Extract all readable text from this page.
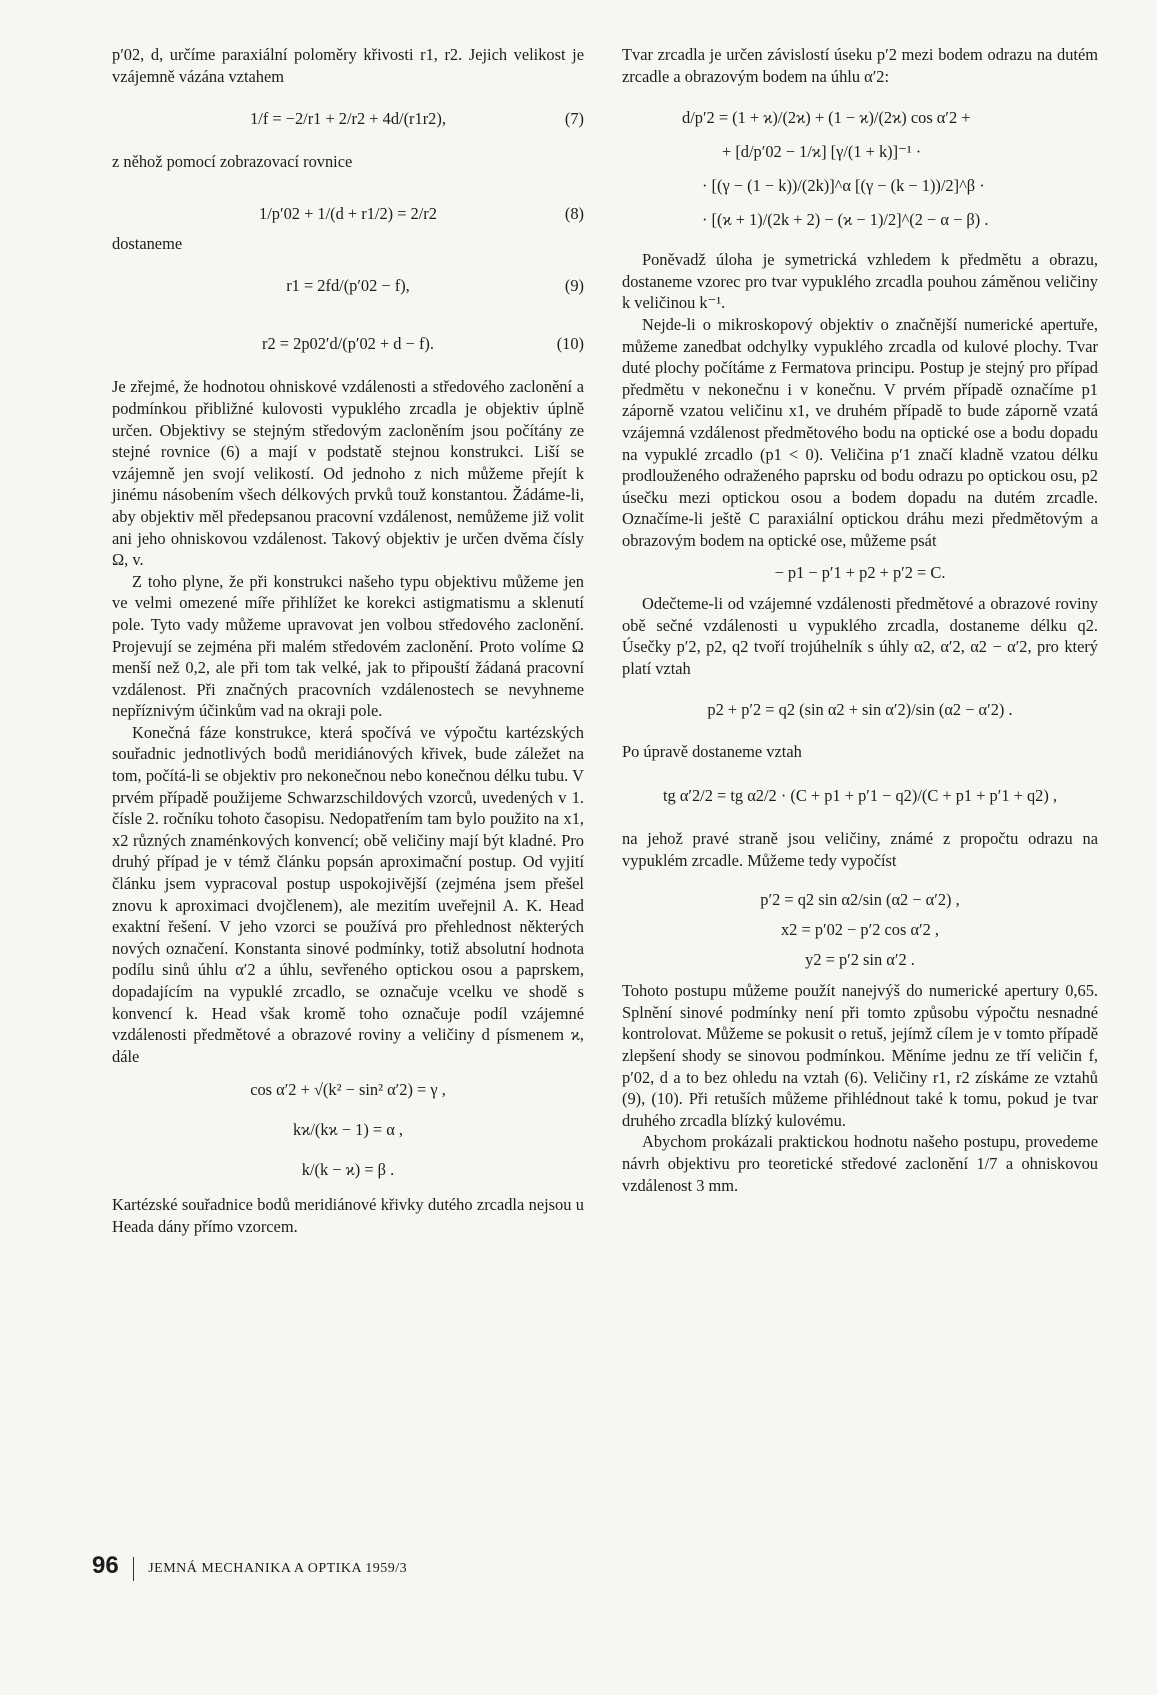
p′02, d, určíme paraxiální poloměry křivosti r1, r2. Jejich velikost je vzájemně vázána vztahem

1/f = −2/r1 + 2/r2 + 4d/(r1r2),	(7)

z něhož pomocí zobrazovací rovnice

1/p′02 + 1/(d + r1/2) = 2/r2	(8)

dostaneme

r1 = 2fd/(p′02 − f),	(9)
r2 = 2p02′d/(p′02 + d − f).	(10)

Je zřejmé, že hodnotou ohniskové vzdálenosti a středového zaclonění a podmínkou přibližné kulovosti vypuklého zrcadla je objektiv úplně určen. Objektivy se stejným středovým zacloněním jsou počítány ze stejné rovnice (6) a mají v podstatě stejnou konstrukci. Liší se vzájemně jen svojí velikostí. Od jednoho z nich můžeme přejít k jinému násobením všech délkových prvků touž konstantou. Žádáme-li, aby objektiv měl předepsanou pracovní vzdálenost, nemůžeme již volit ani jeho ohniskovou vzdálenost. Takový objektiv je určen dvěma čísly Ω, v.

Z toho plyne, že při konstrukci našeho typu objektivu můžeme jen ve velmi omezené míře přihlížet ke korekci astigmatismu a sklenutí pole. Tyto vady můžeme upravovat jen volbou středového zaclonění. Projevují se zejména při malém středovém zaclonění. Proto volíme Ω menší než 0,2, ale při tom tak velké, jak to připouští žádaná pracovní vzdálenost. Při značných pracovních vzdálenostech se nevyhneme nepříznivým účinkům vad na okraji pole.

Konečná fáze konstrukce, která spočívá ve výpočtu kartézských souřadnic jednotlivých bodů meridiánových křivek, bude záležet na tom, počítá-li se objektiv pro nekonečnou nebo konečnou délku tubu. V prvém případě použijeme Schwarzschildových vzorců, uvedených v 1. čísle 2. ročníku tohoto časopisu. Nedopatřením tam bylo použito na x1, x2 různých znaménkových konvencí; obě veličiny mají být kladné. Pro druhý případ je v témž článku popsán aproximační postup. Od vyjití článku jsem vypracoval postup uspokojivější (zejména jsem přešel znovu k aproximaci dvojčlenem), ale mezitím uveřejnil A. K. Head exaktní řešení. V jeho vzorci se používá pro přehlednost některých nových označení. Konstanta sinové podmínky, totiž absolutní hodnota podílu sinů úhlu α′2 a úhlu, sevřeného optickou osou a paprskem, dopadajícím na vypuklé zrcadlo, se označuje vcelku ve shodě s konvencí k. Head však kromě toho označuje podíl vzájemné vzdálenosti předmětové a obrazové roviny a veličiny d písmenem ϰ, dále

cos α′2 + √(k² − sin² α′2) = γ ,
kϰ/(kϰ − 1) = α ,
k/(k − ϰ) = β .

Kartézské souřadnice bodů meridiánové křivky dutého zrcadla nejsou u Heada dány přímo vzorcem.

Tvar zrcadla je určen závislostí úseku p′2 mezi bodem odrazu na dutém zrcadle a obrazovým bodem na úhlu α′2:

d/p′2 = (1 + ϰ)/(2ϰ) + (1 − ϰ)/(2ϰ) cos α′2 +
+ [d/p′02 − 1/ϰ] [γ/(1 + k)]⁻¹ ·
· [(γ − (1 − k))/(2k)]^α [(γ − (k − 1))/2]^β ·
· [(ϰ + 1)/(2k + 2) − (ϰ − 1)/2]^(2 − α − β) .

Poněvadž úloha je symetrická vzhledem k předmětu a obrazu, dostaneme vzorec pro tvar vypuklého zrcadla pouhou záměnou veličiny k veličinou k⁻¹.

Nejde-li o mikroskopový objektiv o značnější numerické apertuře, můžeme zanedbat odchylky vypuklého zrcadla od kulové plochy. Tvar duté plochy počítáme z Fermatova principu. Postup je stejný pro případ předmětu v nekonečnu i v konečnu. V prvém případě označíme p1 záporně vzatou veličinu x1, ve druhém případě to bude záporně vzatá vzájemná vzdálenost předmětového bodu na optické ose a bodu dopadu na vypuklé zrcadlo (p1 < 0). Veličina p′1 značí kladně vzatou délku prodlouženého odraženého paprsku od bodu odrazu po optickou osu, p2 úsečku mezi optickou osou a bodem dopadu na dutém zrcadle. Označíme-li ještě C paraxiální optickou dráhu mezi předmětovým a obrazovým bodem na optické ose, můžeme psát

− p1 − p′1 + p2 + p′2 = C.

Odečteme-li od vzájemné vzdálenosti předmětové a obrazové roviny obě sečné vzdálenosti u vypuklého zrcadla, dostaneme délku q2. Úsečky p′2, p2, q2 tvoří trojúhelník s úhly α2, α′2, α2 − α′2, pro který platí vztah

p2 + p′2 = q2 (sin α2 + sin α′2)/sin (α2 − α′2) .

Po úpravě dostaneme vztah

tg α′2/2 = tg α2/2 · (C + p1 + p′1 − q2)/(C + p1 + p′1 + q2) ,

na jehož pravé straně jsou veličiny, známé z propočtu odrazu na vypuklém zrcadle. Můžeme tedy vypočíst

p′2 = q2 sin α2/sin (α2 − α′2) ,
x2 = p′02 − p′2 cos α′2 ,
y2 = p′2 sin α′2 .

Tohoto postupu můžeme použít nanejvýš do numerické apertury 0,65. Splnění sinové podmínky není při tomto způsobu výpočtu nesnadné kontrolovat. Můžeme se pokusit o retuš, jejímž cílem je v tomto případě zlepšení shody se sinovou podmínkou. Měníme jednu ze tří veličin f, p′02, d a to bez ohledu na vztah (6). Veličiny r1, r2 získáme ze vztahů (9), (10). Při retuších můžeme přihlédnout také k tomu, pokud je tvar druhého zrcadla blízký kulovému.

Abychom prokázali praktickou hodnotu našeho postupu, provedeme návrh objektivu pro teoretické středové zaclonění 1/7 a ohniskovou vzdálenost 3 mm.

96 JEMNÁ MECHANIKA A OPTIKA 1959/3
